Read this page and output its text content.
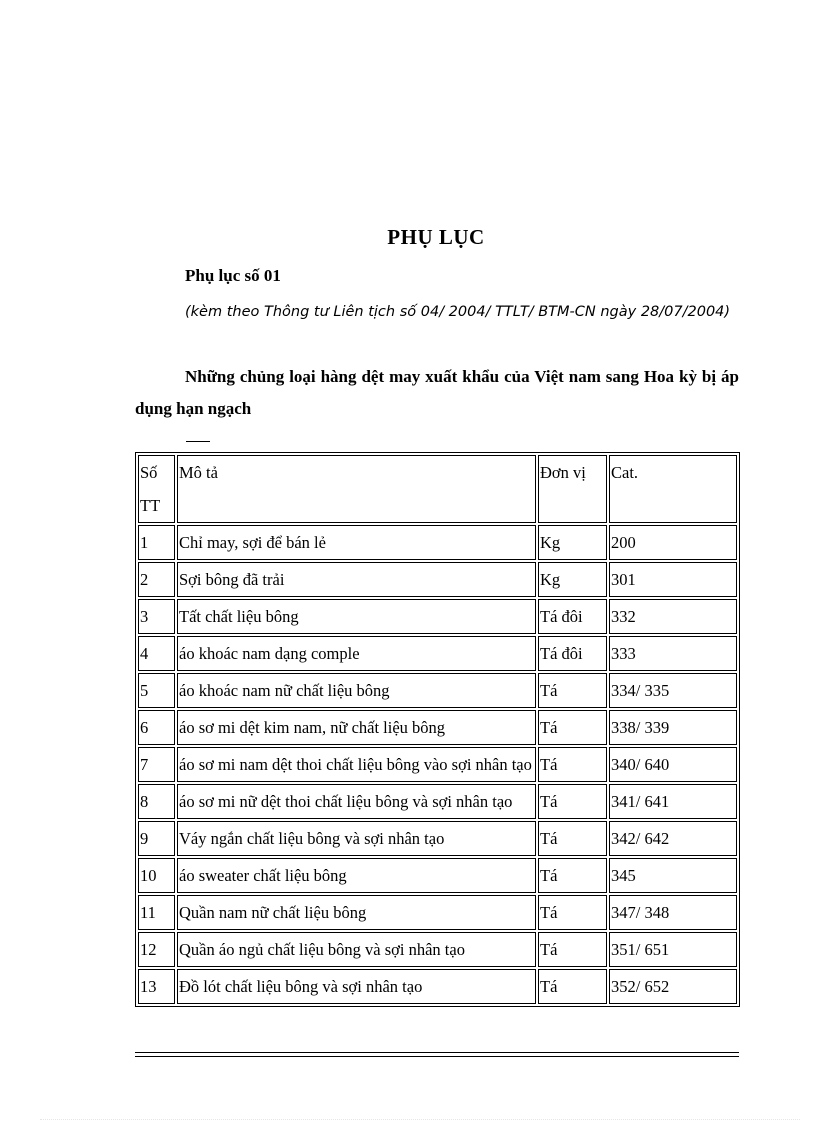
PHỤ LỤC
Phụ lục số 01
(kèm theo Thông tư Liên tịch số 04/ 2004/ TTLT/ BTM-CN ngày 28/07/2004)
Những chủng loại hàng dệt may xuất khẩu của Việt nam sang Hoa kỳ bị áp dụng hạn ngạch
Số TT	Mô tả	Đơn vị	Cat.
1	Chỉ may, sợi để bán lẻ	Kg	200
2	Sợi bông đã trải	Kg	301
3	Tất chất liệu bông	Tá đôi	332
4	áo khoác nam dạng comple	Tá đôi	333
5	áo khoác nam nữ chất liệu bông	Tá	334/ 335
6	áo sơ mi dệt kim nam, nữ chất liệu bông	Tá	338/ 339
7	áo sơ mi nam dệt thoi chất liệu bông vào sợi nhân tạo	Tá	340/ 640
8	áo sơ mi nữ dệt thoi chất liệu bông và sợi nhân tạo	Tá	341/ 641
9	Váy ngắn chất liệu bông và sợi nhân tạo	Tá	342/ 642
10	áo sweater chất liệu bông	Tá	345
11	Quần nam nữ chất liệu bông	Tá	347/ 348
12	Quần áo ngủ chất liệu bông và sợi nhân tạo	Tá	351/ 651
13	Đồ lót chất liệu bông và sợi nhân tạo	Tá	352/ 652
